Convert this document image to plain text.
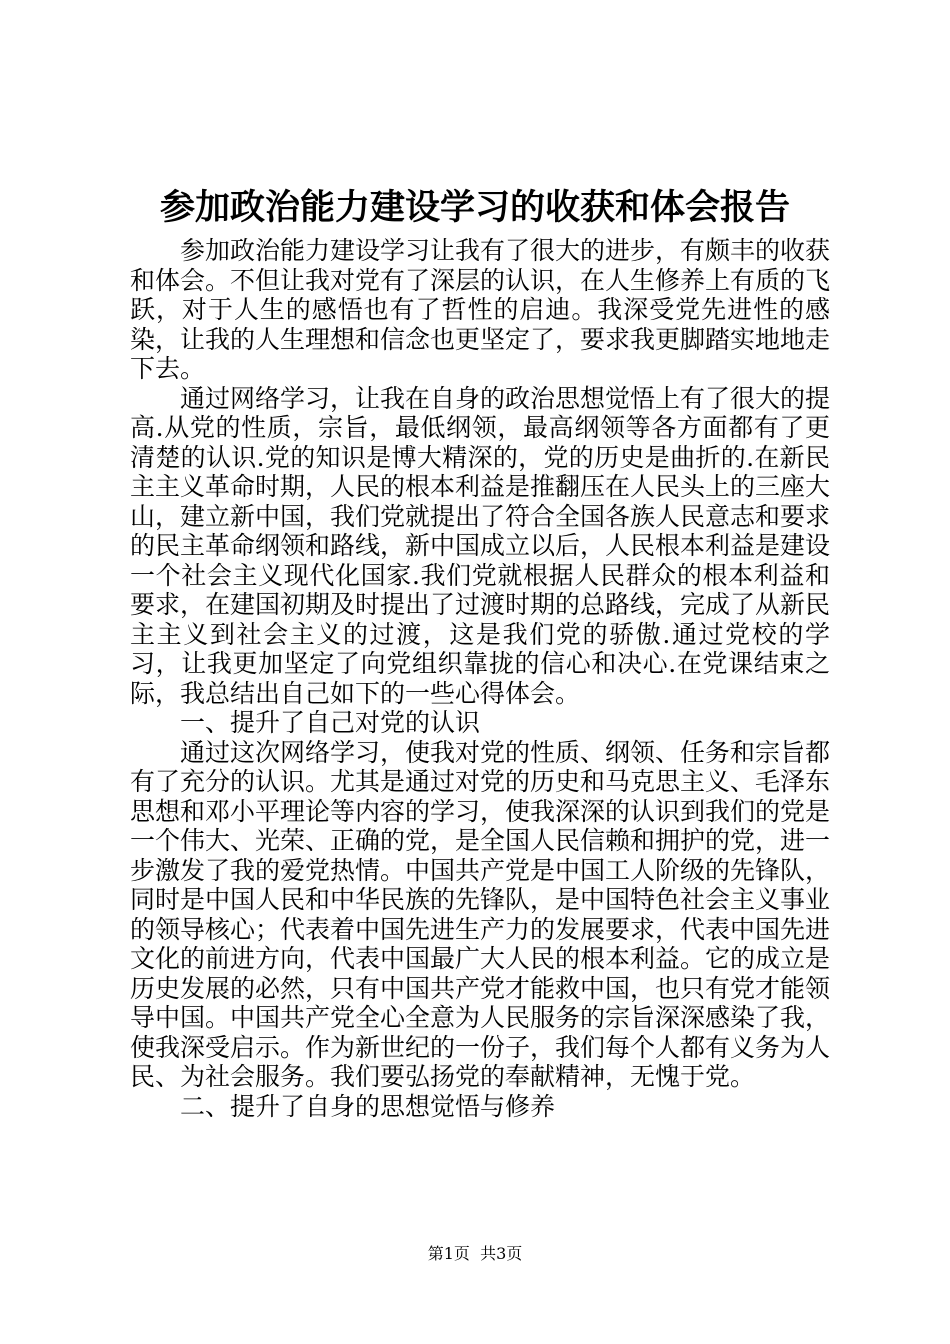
参加政治能力建设学习的收获和体会报告

参加政治能力建设学习让我有了很大的进步，有颇丰的收获和体会。不但让我对党有了深层的认识，在人生修养上有质的飞跃，对于人生的感悟也有了哲性的启迪。我深受党先进性的感染，让我的人生理想和信念也更坚定了，要求我更脚踏实地地走下去。

通过网络学习，让我在自身的政治思想觉悟上有了很大的提高.从党的性质，宗旨，最低纲领，最高纲领等各方面都有了更清楚的认识.党的知识是博大精深的，党的历史是曲折的.在新民主主义革命时期，人民的根本利益是推翻压在人民头上的三座大山，建立新中国，我们党就提出了符合全国各族人民意志和要求的民主革命纲领和路线，新中国成立以后，人民根本利益是建设一个社会主义现代化国家.我们党就根据人民群众的根本利益和要求，在建国初期及时提出了过渡时期的总路线，完成了从新民主主义到社会主义的过渡，这是我们党的骄傲.通过党校的学习，让我更加坚定了向党组织靠拢的信心和决心.在党课结束之际，我总结出自己如下的一些心得体会。

一、提升了自己对党的认识

通过这次网络学习，使我对党的性质、纲领、任务和宗旨都有了充分的认识。尤其是通过对党的历史和马克思主义、毛泽东思想和邓小平理论等内容的学习，使我深深的认识到我们的党是一个伟大、光荣、正确的党，是全国人民信赖和拥护的党，进一步激发了我的爱党热情。中国共产党是中国工人阶级的先锋队，同时是中国人民和中华民族的先锋队，是中国特色社会主义事业的领导核心；代表着中国先进生产力的发展要求，代表中国先进文化的前进方向，代表中国最广大人民的根本利益。它的成立是历史发展的必然，只有中国共产党才能救中国，也只有党才能领导中国。中国共产党全心全意为人民服务的宗旨深深感染了我，使我深受启示。作为新世纪的一份子，我们每个人都有义务为人民、为社会服务。我们要弘扬党的奉献精神，无愧于党。

二、提升了自身的思想觉悟与修养

第1页  共3页
